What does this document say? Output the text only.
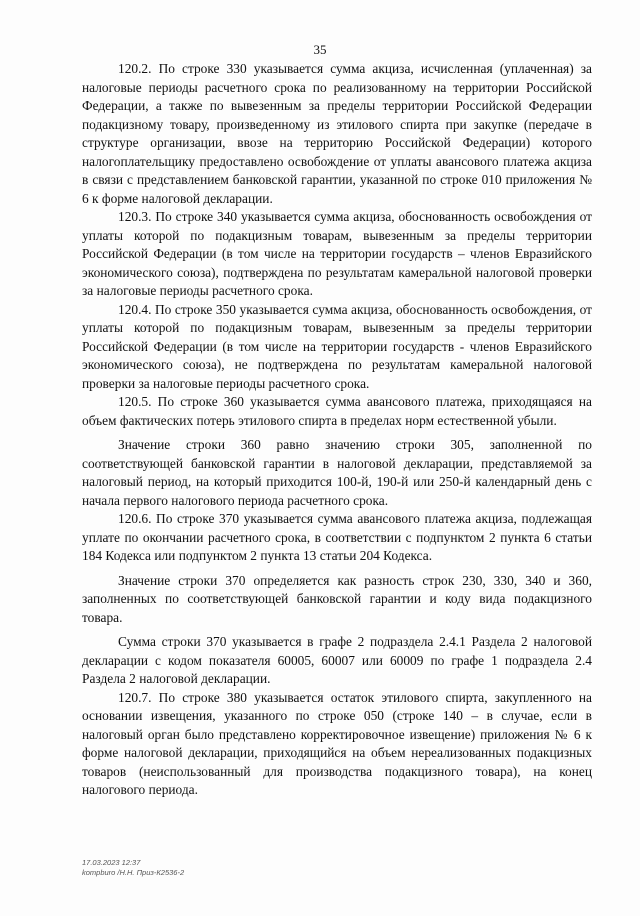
35

120.2. По строке 330 указывается сумма акциза, исчисленная (уплаченная) за налоговые периоды расчетного срока по реализованному на территории Российской Федерации, а также по вывезенным за пределы территории Российской Федерации подакцизному товару, произведенному из этилового спирта при закупке (передаче в структуре организации, ввозе на территорию Российской Федерации) которого налогоплательщику предоставлено освобождение от уплаты авансового платежа акциза в связи с представлением банковской гарантии, указанной по строке 010 приложения № 6 к форме налоговой декларации.

120.3. По строке 340 указывается сумма акциза, обоснованность освобождения от уплаты которой по подакцизным товарам, вывезенным за пределы территории Российской Федерации (в том числе на территории государств – членов Евразийского экономического союза), подтверждена по результатам камеральной налоговой проверки за налоговые периоды расчетного срока.

120.4. По строке 350 указывается сумма акциза, обоснованность освобождения, от уплаты которой по подакцизным товарам, вывезенным за пределы территории Российской Федерации (в том числе на территории государств - членов Евразийского экономического союза), не подтверждена по результатам камеральной налоговой проверки за налоговые периоды расчетного срока.

120.5. По строке 360 указывается сумма авансового платежа, приходящаяся на объем фактических потерь этилового спирта в пределах норм естественной убыли.

Значение строки 360 равно значению строки 305, заполненной по соответствующей банковской гарантии в налоговой декларации, представляемой за налоговый период, на который приходится 100-й, 190-й или 250-й календарный день с начала первого налогового периода расчетного срока.

120.6. По строке 370 указывается сумма авансового платежа акциза, подлежащая уплате по окончании расчетного срока, в соответствии с подпунктом 2 пункта 6 статьи 184 Кодекса или подпунктом 2 пункта 13 статьи 204 Кодекса.

Значение строки 370 определяется как разность строк 230, 330, 340 и 360, заполненных по соответствующей банковской гарантии и коду вида подакцизного товара.

Сумма строки 370 указывается в графе 2 подраздела 2.4.1 Раздела 2 налоговой декларации с кодом показателя 60005, 60007 или 60009 по графе 1 подраздела 2.4 Раздела 2 налоговой декларации.

120.7. По строке 380 указывается остаток этилового спирта, закупленного на основании извещения, указанного по строке 050 (строке 140 – в случае, если в налоговый орган было представлено корректировочное извещение) приложения № 6 к форме налоговой декларации, приходящийся на объем нереализованных подакцизных товаров (неиспользованный для производства подакцизного товара), на конец налогового периода.

17.03.2023 12:37
kompburo /Н.Н. Приз-К2536-2
